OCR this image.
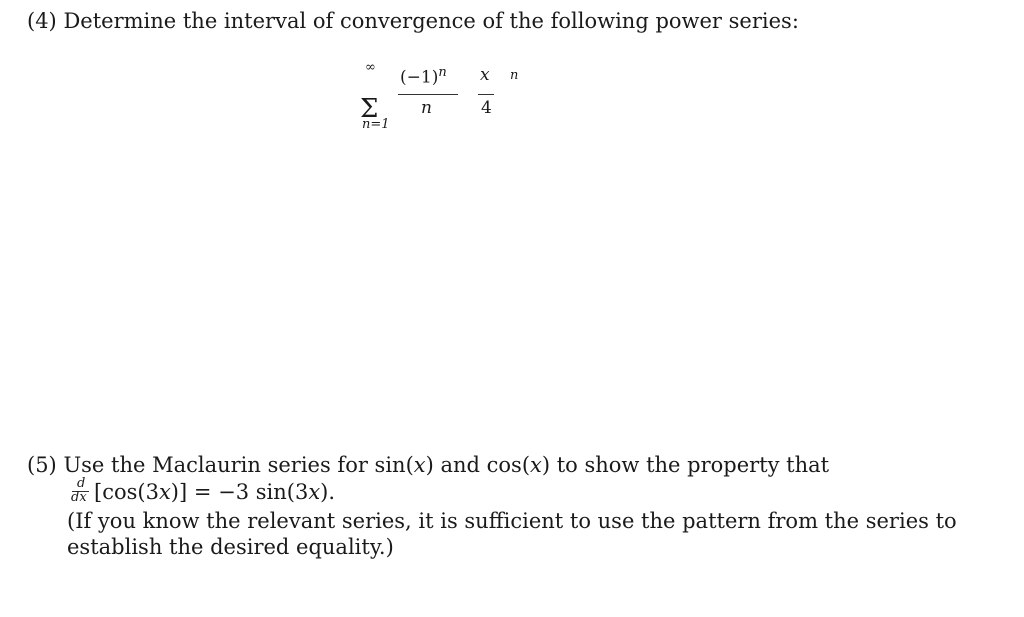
(4) Determine the interval of convergence of the following power series:
∞
Σ
n=1
$(-1)^n$
n
x
4
n
(5) Use the Maclaurin series for sin(x) and cos(x) to show the property that
d
dx [cos(3x)] = −3 sin(3x).
(If you know the relevant series, it is sufficient to use the pattern from the series to
establish the desired equality.)
